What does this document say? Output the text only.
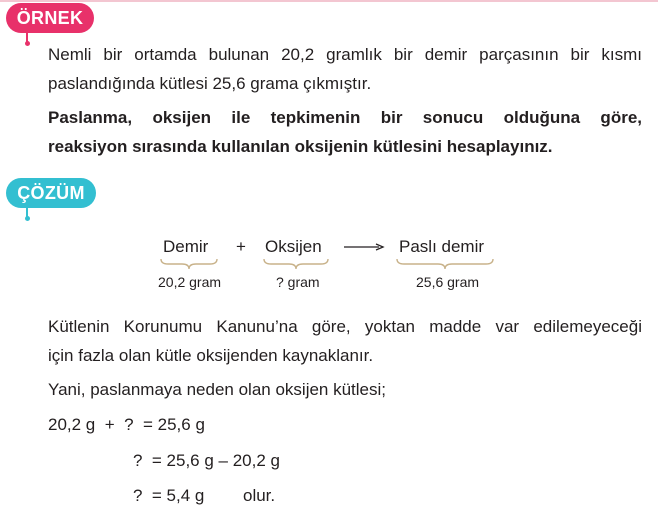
ÖRNEK
Nemli bir ortamda bulunan 20,2 gramlık bir demir parçasının bir kısmı
paslandığında kütlesi 25,6 grama çıkmıştır.
Paslanma, oksijen ile tepkimenin bir sonucu olduğuna göre,
reaksiyon sırasında kullanılan oksijenin kütlesini hesaplayınız.
ÇÖZÜM
Demir + Oksijen → Paslı demir
20,2 gram	? gram	25,6 gram
Kütlenin Korunumu Kanunu’na göre, yoktan madde var edilemeyeceği
için fazla olan kütle oksijenden kaynaklanır.
Yani, paslanmaya neden olan oksijen kütlesi;
20,2 g  +  ?  = 25,6 g
?  = 25,6 g – 20,2 g
?  = 5,4 g olur.
